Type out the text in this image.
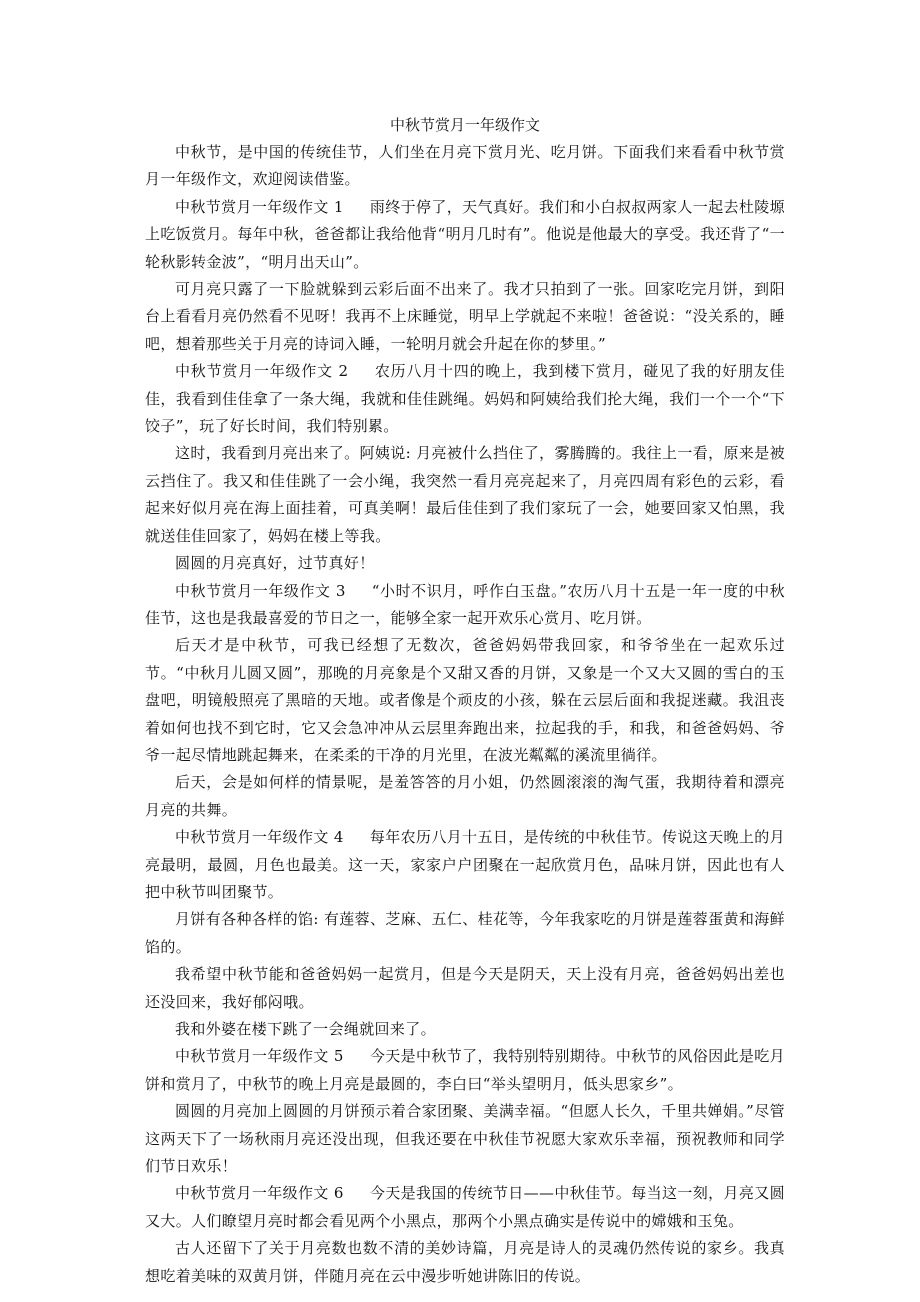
中秋节赏月一年级作文

中秋节，是中国的传统佳节，人们坐在月亮下赏月光、吃月饼。下面我们来看看中秋节赏月一年级作文，欢迎阅读借鉴。

中秋节赏月一年级作文 1 雨终于停了，天气真好。我们和小白叔叔两家人一起去杜陵塬上吃饭赏月。每年中秋，爸爸都让我给他背“明月几时有”。他说是他最大的享受。我还背了“一轮秋影转金波”，“明月出天山”。

可月亮只露了一下脸就躲到云彩后面不出来了。我才只拍到了一张。回家吃完月饼，到阳台上看看月亮仍然看不见呀！我再不上床睡觉，明早上学就起不来啦！爸爸说：“没关系的，睡吧，想着那些关于月亮的诗词入睡，一轮明月就会升起在你的梦里。”

中秋节赏月一年级作文 2 农历八月十四的晚上，我到楼下赏月，碰见了我的好朋友佳佳，我看到佳佳拿了一条大绳，我就和佳佳跳绳。妈妈和阿姨给我们抡大绳，我们一个一个“下饺子”，玩了好长时间，我们特别累。

这时，我看到月亮出来了。阿姨说: 月亮被什么挡住了，雾腾腾的。我往上一看，原来是被云挡住了。我又和佳佳跳了一会小绳，我突然一看月亮亮起来了，月亮四周有彩色的云彩，看起来好似月亮在海上面挂着，可真美啊！最后佳佳到了我们家玩了一会，她要回家又怕黑，我就送佳佳回家了，妈妈在楼上等我。

圆圆的月亮真好，过节真好！

中秋节赏月一年级作文 3 “小时不识月，呼作白玉盘。”农历八月十五是一年一度的中秋佳节，这也是我最喜爱的节日之一，能够全家一起开欢乐心赏月、吃月饼。

后天才是中秋节，可我已经想了无数次，爸爸妈妈带我回家，和爷爷坐在一起欢乐过节。“中秋月儿圆又圆”，那晚的月亮象是个又甜又香的月饼，又象是一个又大又圆的雪白的玉盘吧，明镜般照亮了黑暗的天地。或者像是个顽皮的小孩，躲在云层后面和我捉迷藏。我沮丧着如何也找不到它时，它又会急冲冲从云层里奔跑出来，拉起我的手，和我，和爸爸妈妈、爷爷一起尽情地跳起舞来，在柔柔的干净的月光里，在波光粼粼的溪流里徜徉。

后天，会是如何样的情景呢，是羞答答的月小姐，仍然圆滚滚的淘气蛋，我期待着和漂亮月亮的共舞。

中秋节赏月一年级作文 4 每年农历八月十五日，是传统的中秋佳节。传说这天晚上的月亮最明，最圆，月色也最美。这一天，家家户户团聚在一起欣赏月色，品味月饼，因此也有人把中秋节叫团聚节。

月饼有各种各样的馅: 有莲蓉、芝麻、五仁、桂花等，今年我家吃的月饼是莲蓉蛋黄和海鲜馅的。

我希望中秋节能和爸爸妈妈一起赏月，但是今天是阴天，天上没有月亮，爸爸妈妈出差也还没回来，我好郁闷哦。

我和外婆在楼下跳了一会绳就回来了。

中秋节赏月一年级作文 5 今天是中秋节了，我特别特别期待。中秋节的风俗因此是吃月饼和赏月了，中秋节的晚上月亮是最圆的，李白曰“举头望明月，低头思家乡”。

圆圆的月亮加上圆圆的月饼预示着合家团聚、美满幸福。“但愿人长久，千里共婵娟。”尽管这两天下了一场秋雨月亮还没出现，但我还要在中秋佳节祝愿大家欢乐幸福，预祝教师和同学们节日欢乐！

中秋节赏月一年级作文 6 今天是我国的传统节日——中秋佳节。每当这一刻，月亮又圆又大。人们瞭望月亮时都会看见两个小黑点，那两个小黑点确实是传说中的嫦娥和玉兔。

古人还留下了关于月亮数也数不清的美妙诗篇，月亮是诗人的灵魂仍然传说的家乡。我真想吃着美味的双黄月饼，伴随月亮在云中漫步听她讲陈旧的传说。
